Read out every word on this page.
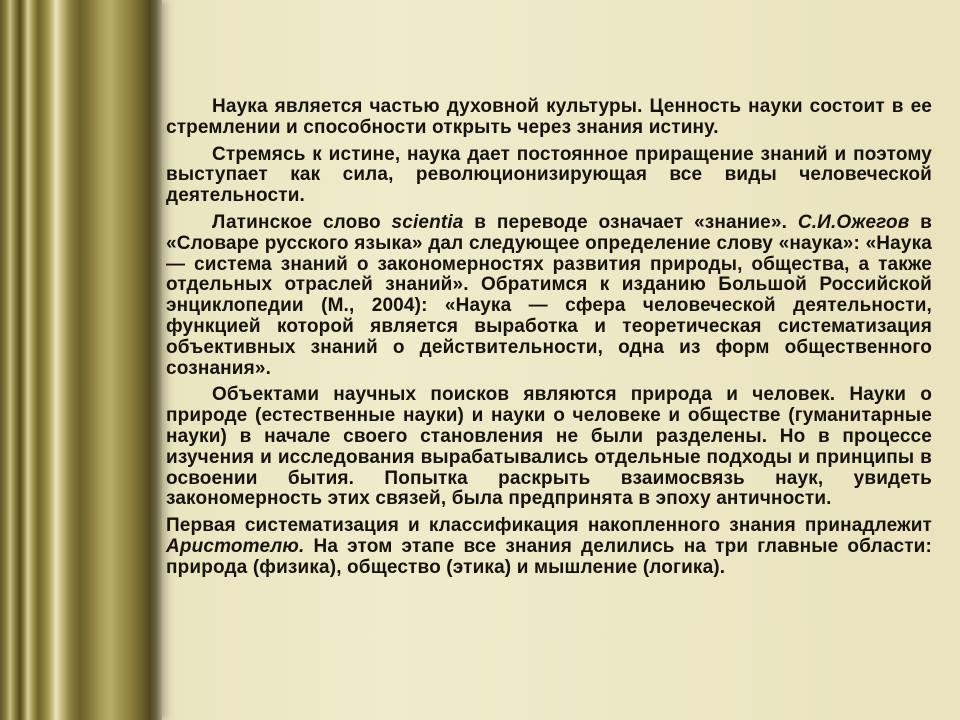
Наука является частью духовной культуры. Ценность науки состоит в ее стремлении и способности открыть через знания истину.

Стремясь к истине, наука дает постоянное приращение знаний и поэтому выступает как сила, революционизирующая все виды человеческой деятельности.

Латинское слово scientia в переводе означает «знание». С.И.Ожегов в «Словаре русского языка» дал следующее определение слову «наука»: «Наука — система знаний о закономерностях развития природы, общества, а также отдельных отраслей знаний». Обратимся к изданию Большой Российской энциклопедии (М., 2004): «Наука — сфера человеческой деятельности, функцией которой является выработка и теоретическая систематизация объективных знаний о действительности, одна из форм общественного сознания».

Объектами научных поисков являются природа и человек. Науки о природе (естественные науки) и науки о человеке и обществе (гуманитарные науки) в начале своего становления не были разделены. Но в процессе изучения и исследования вырабатывались отдельные подходы и принципы в освоении бытия. Попытка раскрыть взаимосвязь наук, увидеть закономерность этих связей, была предпринята в эпоху античности.

Первая систематизация и классификация накопленного знания принадлежит Аристотелю. На этом этапе все знания делились на три главные области: природа (физика), общество (этика) и мышление (логика).
